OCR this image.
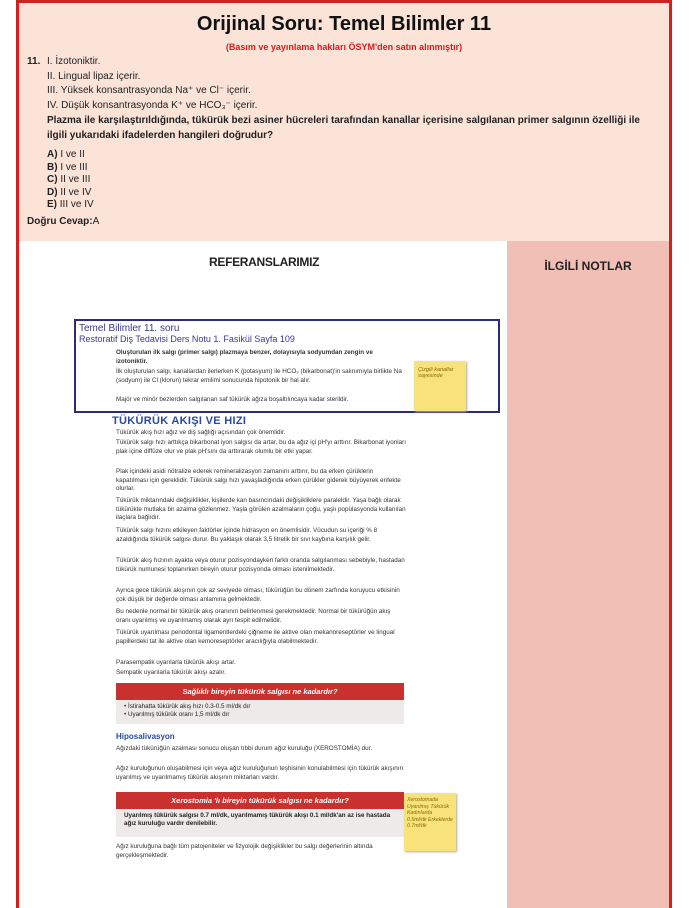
Orijinal Soru: Temel Bilimler 11
(Basım ve yayınlama hakları ÖSYM'den satın alınmıştır)
11. I. İzotoniktir.
II. Lingual lipaz içerir.
III. Yüksek konsantrasyonda Na⁺ ve Cl⁻ içerir.
IV. Düşük konsantrasyonda K⁺ ve HCO₃⁻ içerir.
Plazma ile karşılaştırıldığında, tükürük bezi asiner hücreleri tarafından kanallar içerisine salgılanan primer salgının özelliği ile ilgili yukarıdaki ifadelerden hangileri doğrudur?
A) I ve II
B) I ve III
C) II ve III
D) II ve IV
E) III ve IV
Doğru Cevap:A
REFERANSLARIMIZ
Temel Bilimler 11. soru
Restoratif Diş Tedavisi Ders Notu 1. Fasikül Sayfa 109
Oluşturulan ilk salgı (primer salgı) plazmaya benzer, dolayısıyla sodyumdan zengin ve izotoniktir.
İlk oluşturulan salgı, kanallardan ilerlerken K (potasyum) ile HCO₃ (bikarbonat)'in salınımıyla birlikte Na (sodyum) ile Cl (klorun) tekrar emilimi sonucunda hipotonik bir hal alır.
Majör ve minör bezlerden salgılanan saf tükürük ağıza boşaltılıncaya kadar sterildir.
Çizgili kanallar sayesinde
TÜKÜRÜK AKIŞI VE HIZI
Tükürük akış hızı ağız ve diş sağlığı açısından çok önemlidir.
Tükürük salgı hızı arttıkça bikarbonat iyon salgısı da artar, bu da ağız içi pH'yı arttırır. Bikarbonat iyonları plak içine diffüze olur ve plak pH'sını da arttırarak olumlu bir etki yapar.
Plak içindeki asidi nötralize ederek remineralizasyon zamanını arttırır, bu da erken çürüklerin kapatılması için gereklidir. Tükürük salgı hızı yavaşladığında erken çürükler giderek büyüyerek enfekte olurlar.
Tükürük miktarındaki değişiklikler, kişilerde kan basıncındaki değişikliklere paraleldir. Yaşa bağlı olarak tükürükte mutlaka bir azalma gözlenmez. Yaşla görülen azalmaların çoğu, yaşlı popülasyonda kullanılan ilaçlara bağlıdır.
Tükürük salgı hızını etkileyen faktörler içinde hidrasyon en önemlisidir. Vücudun su içeriği % 8 azaldığında tükürük salgısı durur. Bu yaklaşık olarak 3,5 litrelik bir sıvı kaybına karşılık gelir.
Tükürük akış hızının ayakta veya oturur pozisyondayken farklı oranda salgılanması sebebiyle, hastadan tükürük numunesi toplanırken bireyin oturur pozisyonda olması istenilmektedir.
Ayrıca gece tükürük akışının çok az seviyede olması, tükürüğün bu dönem zarfında koruyucu etkisinin çok düşük bir değerde olması anlamına gelmektedir.
Bu nedenle normal bir tükürük akış oranının belirlenmesi gerekmektedir. Normal bir tükürüğün akış oranı uyarılmış ve uyarılmamış olarak ayrı tespit edilmelidir.
Tükürük uyarılması periodontal ligamentlerdeki çiğneme ile aktive olan mekanoreseptörler ve lingual papillerdeki tat ile aktive olan kemoreseptörler aracılığıyla olabilmektedir.
Parasempatik uyarılarla tükürük akışı artar.
Sempatik uyarılarla tükürük akışı azalır.
Sağlıklı bireyin tükürük salgısı ne kadardır?
• İstirahatta tükürük akış hızı 0.3-0.5 ml/dk dır
• Uyarılmış tükürük oranı 1,5 ml/dk dır
Hiposalivasyon
Ağızdaki tükürüğün azalması sonucu oluşan tıbbi durum ağız kuruluğu (XEROSTOMİA) dur.
Ağız kuruluğunun oluşabilmesi için veya ağız kuruluğunun teşhisinin konulabilmesi için tükürük akışının uyarılmış ve uyarılmamış tükürük akışının miktarları vardır.
Xerostomia 'lı bireyin tükürük salgısı ne kadardır?
Uyarılmış tükürük salgısı 0.7 ml/dk, uyarılmamış tükürük akışı 0.1 ml/dk'an az ise hastada ağız kuruluğu vardır denilebilir.
Xerostomada Uyarılmış Tükürük Kadınlarda 0.5ml/dk Erkeklerde 0.7ml/dk
Ağız kuruluğuna bağlı tüm patojeniteler ve fizyolojik değişiklikler bu salgı değerlerinin altında gerçekleşmektedir.
İLGİLİ NOTLAR
